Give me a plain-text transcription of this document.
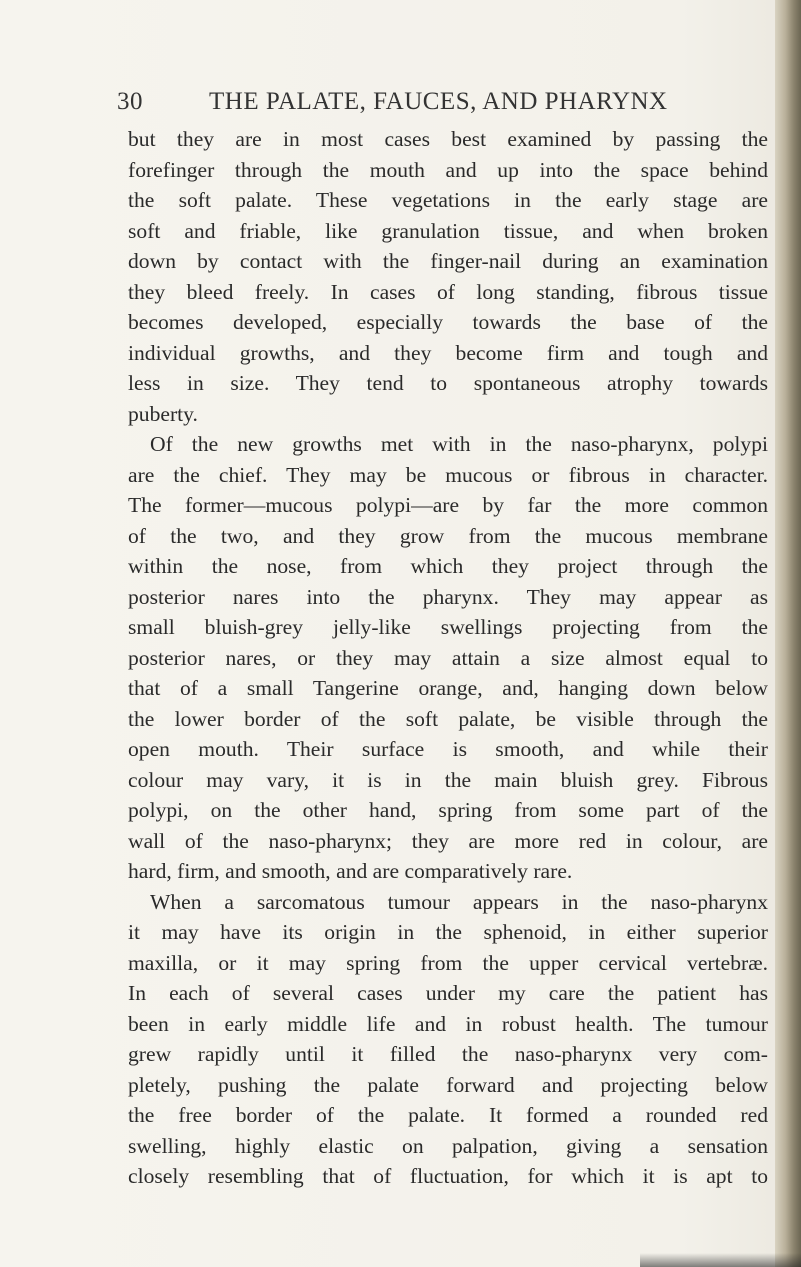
30	THE PALATE, FAUCES, AND PHARYNX
but they are in most cases best examined by passing the
forefinger through the mouth and up into the space behind
the soft palate. These vegetations in the early stage are
soft and friable, like granulation tissue, and when broken
down by contact with the finger-nail during an examination
they bleed freely. In cases of long standing, fibrous tissue
becomes developed, especially towards the base of the
individual growths, and they become firm and tough and
less in size. They tend to spontaneous atrophy towards
puberty.
Of the new growths met with in the naso-pharynx, polypi
are the chief. They may be mucous or fibrous in character.
The former—mucous polypi—are by far the more common
of the two, and they grow from the mucous membrane
within the nose, from which they project through the
posterior nares into the pharynx. They may appear as
small bluish-grey jelly-like swellings projecting from the
posterior nares, or they may attain a size almost equal to
that of a small Tangerine orange, and, hanging down below
the lower border of the soft palate, be visible through the
open mouth. Their surface is smooth, and while their
colour may vary, it is in the main bluish grey. Fibrous
polypi, on the other hand, spring from some part of the
wall of the naso-pharynx; they are more red in colour, are
hard, firm, and smooth, and are comparatively rare.
When a sarcomatous tumour appears in the naso-pharynx
it may have its origin in the sphenoid, in either superior
maxilla, or it may spring from the upper cervical vertebræ.
In each of several cases under my care the patient has
been in early middle life and in robust health. The tumour
grew rapidly until it filled the naso-pharynx very com-
pletely, pushing the palate forward and projecting below
the free border of the palate. It formed a rounded red
swelling, highly elastic on palpation, giving a sensation
closely resembling that of fluctuation, for which it is apt to
